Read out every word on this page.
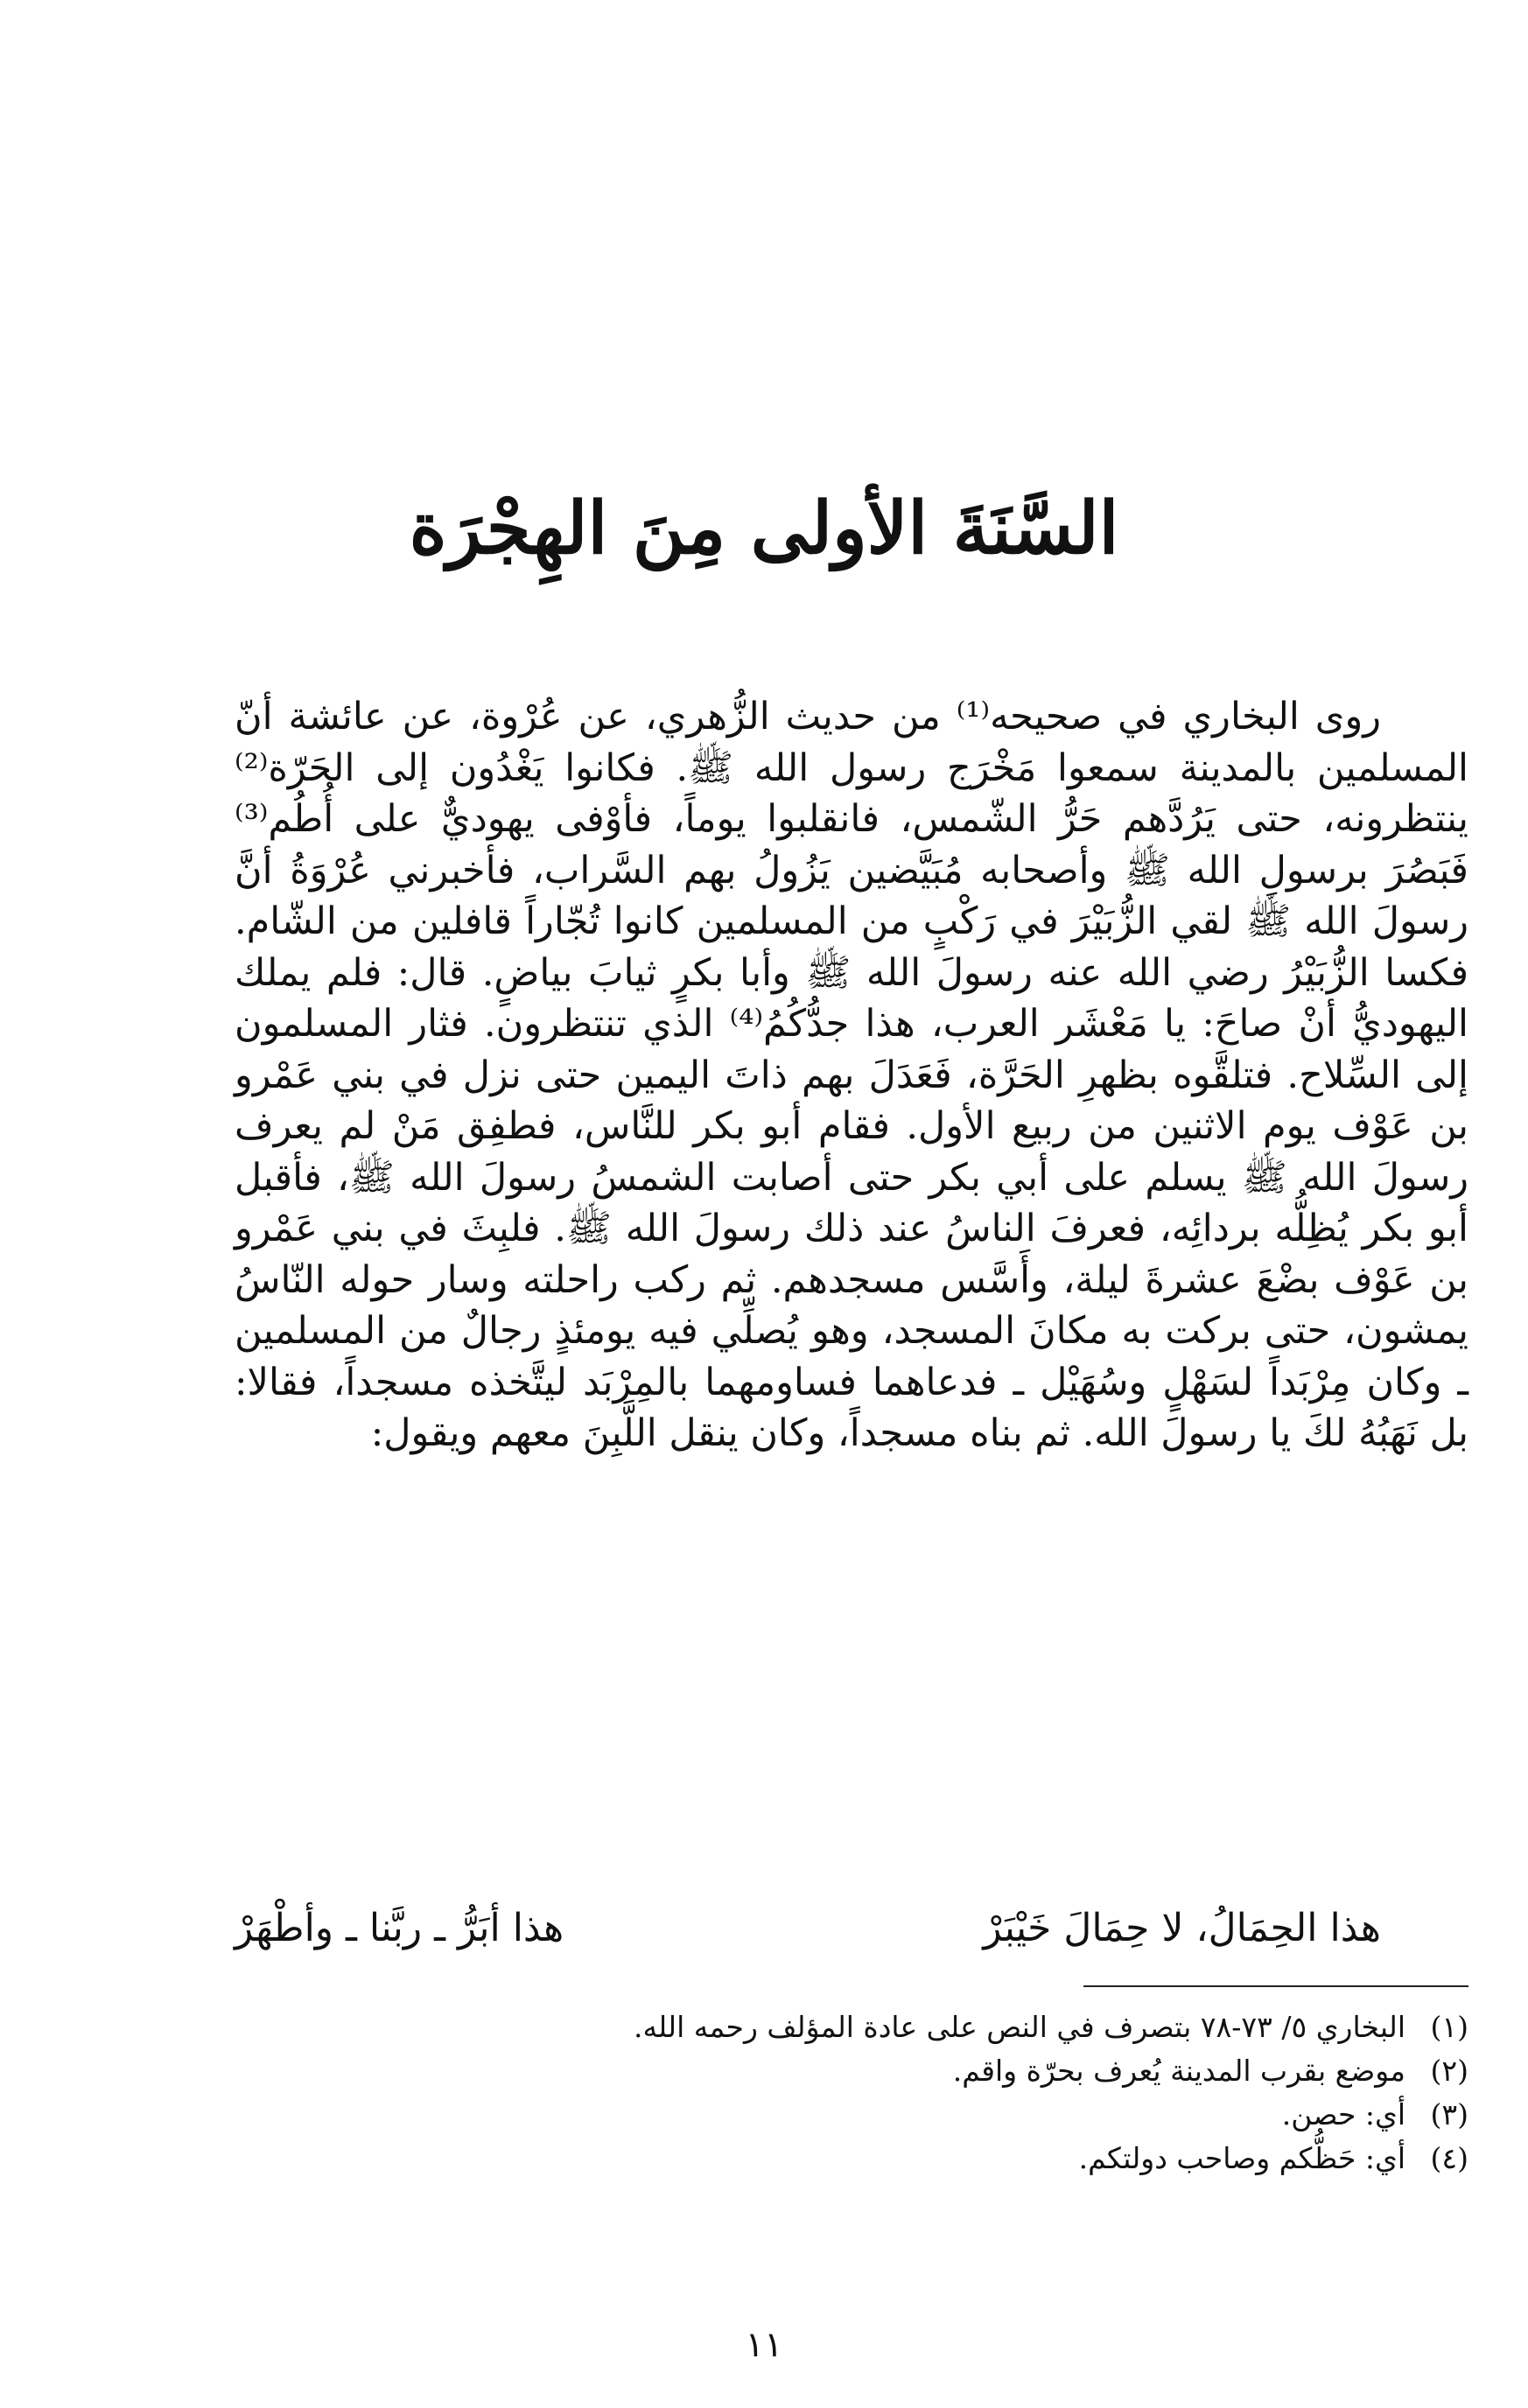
السَّنَةَ الأولى مِنَ الهِجْرَة

روى البخاري في صحيحه⁽¹⁾ من حديث الزُّهري، عن عُرْوة، عن عائشة أنّ المسلمين بالمدينة سمعوا مَخْرَج رسول الله ﷺ. فكانوا يَغْدُون إلى الحَرّة⁽²⁾ ينتظرونه، حتى يَرُدَّهم حَرُّ الشّمس، فانقلبوا يوماً، فأوْفى يهوديٌّ على أُطُم⁽³⁾ فَبَصُرَ برسولِ الله ﷺ وأصحابه مُبَيَّضين يَزُولُ بهم السَّراب، فأخبرني عُرْوَةُ أنَّ رسولَ الله ﷺ لقي الزُّبَيْرَ في رَكْبٍ من المسلمين كانوا تُجّاراً قافلين من الشّام. فكسا الزُّبَيْرُ رضي الله عنه رسولَ الله ﷺ وأبا بكرٍ ثيابَ بياضٍ. قال: فلم يملك اليهوديُّ أنْ صاحَ: يا مَعْشَر العرب، هذا جدُّكُمُ⁽⁴⁾ الذي تنتظرون. فثار المسلمون إلى السِّلاح. فتلقَّوه بظهرِ الحَرَّة، فَعَدَلَ بهم ذاتَ اليمين حتى نزل في بني عَمْرو بن عَوْف يوم الاثنين من ربيع الأول. فقام أبو بكر للنَّاس، فطفِق مَنْ لم يعرف رسولَ الله ﷺ يسلم على أبي بكر حتى أصابت الشمسُ رسولَ الله ﷺ، فأقبل أبو بكر يُظِلُّه بردائِه، فعرفَ الناسُ عند ذلك رسولَ الله ﷺ. فلبِثَ في بني عَمْرو بن عَوْف بضْعَ عشرةَ ليلة، وأَسَّس مسجدهم. ثم ركب راحلته وسار حوله النّاسُ يمشون، حتى بركت به مكانَ المسجد، وهو يُصلِّي فيه يومئذٍ رجالٌ من المسلمين ـ وكان مِرْبَداً لسَهْلٍ وسُهَيْل ـ فدعاهما فساومهما بالمِرْبَد ليتَّخذه مسجداً، فقالا: بل نَهَبُهُ لكَ يا رسولَ الله. ثم بناه مسجداً، وكان ينقل اللَّبِنَ معهم ويقول:

هذا الحِمَالُ، لا حِمَالَ خَيْبَرْ
هذا أبَرُّ ـ ربَّنا ـ وأطْهَرْ
(١)
البخاري ٥/ ٧٣-٧٨ بتصرف في النص على عادة المؤلف رحمه الله.
(٢)
موضع بقرب المدينة يُعرف بحرّة واقم.
(٣)
أي: حصن.
(٤)
أي: حَظُّكم وصاحب دولتكم.
١١
